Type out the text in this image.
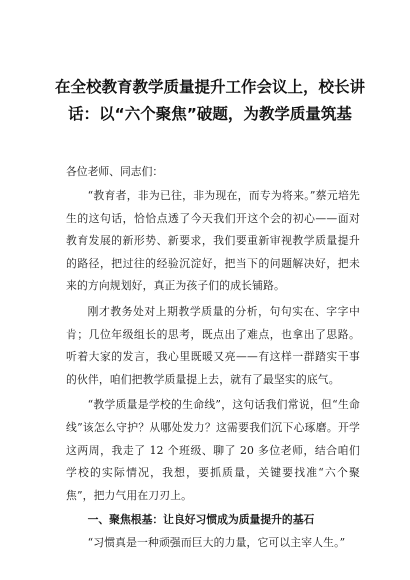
在全校教育教学质量提升工作会议上，校长讲
话：以“六个聚焦”破题，为教学质量筑基

各位老师、同志们：

“教育者，非为已往，非为现在，而专为将来。”蔡元培先生的这句话，恰恰点透了今天我们开这个会的初心——面对教育发展的新形势、新要求，我们要重新审视教学质量提升的路径，把过往的经验沉淀好，把当下的问题解决好，把未来的方向规划好，真正为孩子们的成长铺路。

刚才教务处对上期教学质量的分析，句句实在、字字中肯；几位年级组长的思考，既点出了难点，也拿出了思路。听着大家的发言，我心里既暖又亮——有这样一群踏实干事的伙伴，咱们把教学质量提上去，就有了最坚实的底气。

“教学质量是学校的生命线”，这句话我们常说，但“生命线”该怎么守护？从哪处发力？这需要我们沉下心琢磨。开学这两周，我走了 12 个班级、聊了 20 多位老师，结合咱们学校的实际情况，我想，要抓质量，关键要找准“六个聚焦”，把力气用在刀刃上。

一、聚焦根基：让良好习惯成为质量提升的基石

“习惯真是一种顽强而巨大的力量，它可以主宰人生。”
